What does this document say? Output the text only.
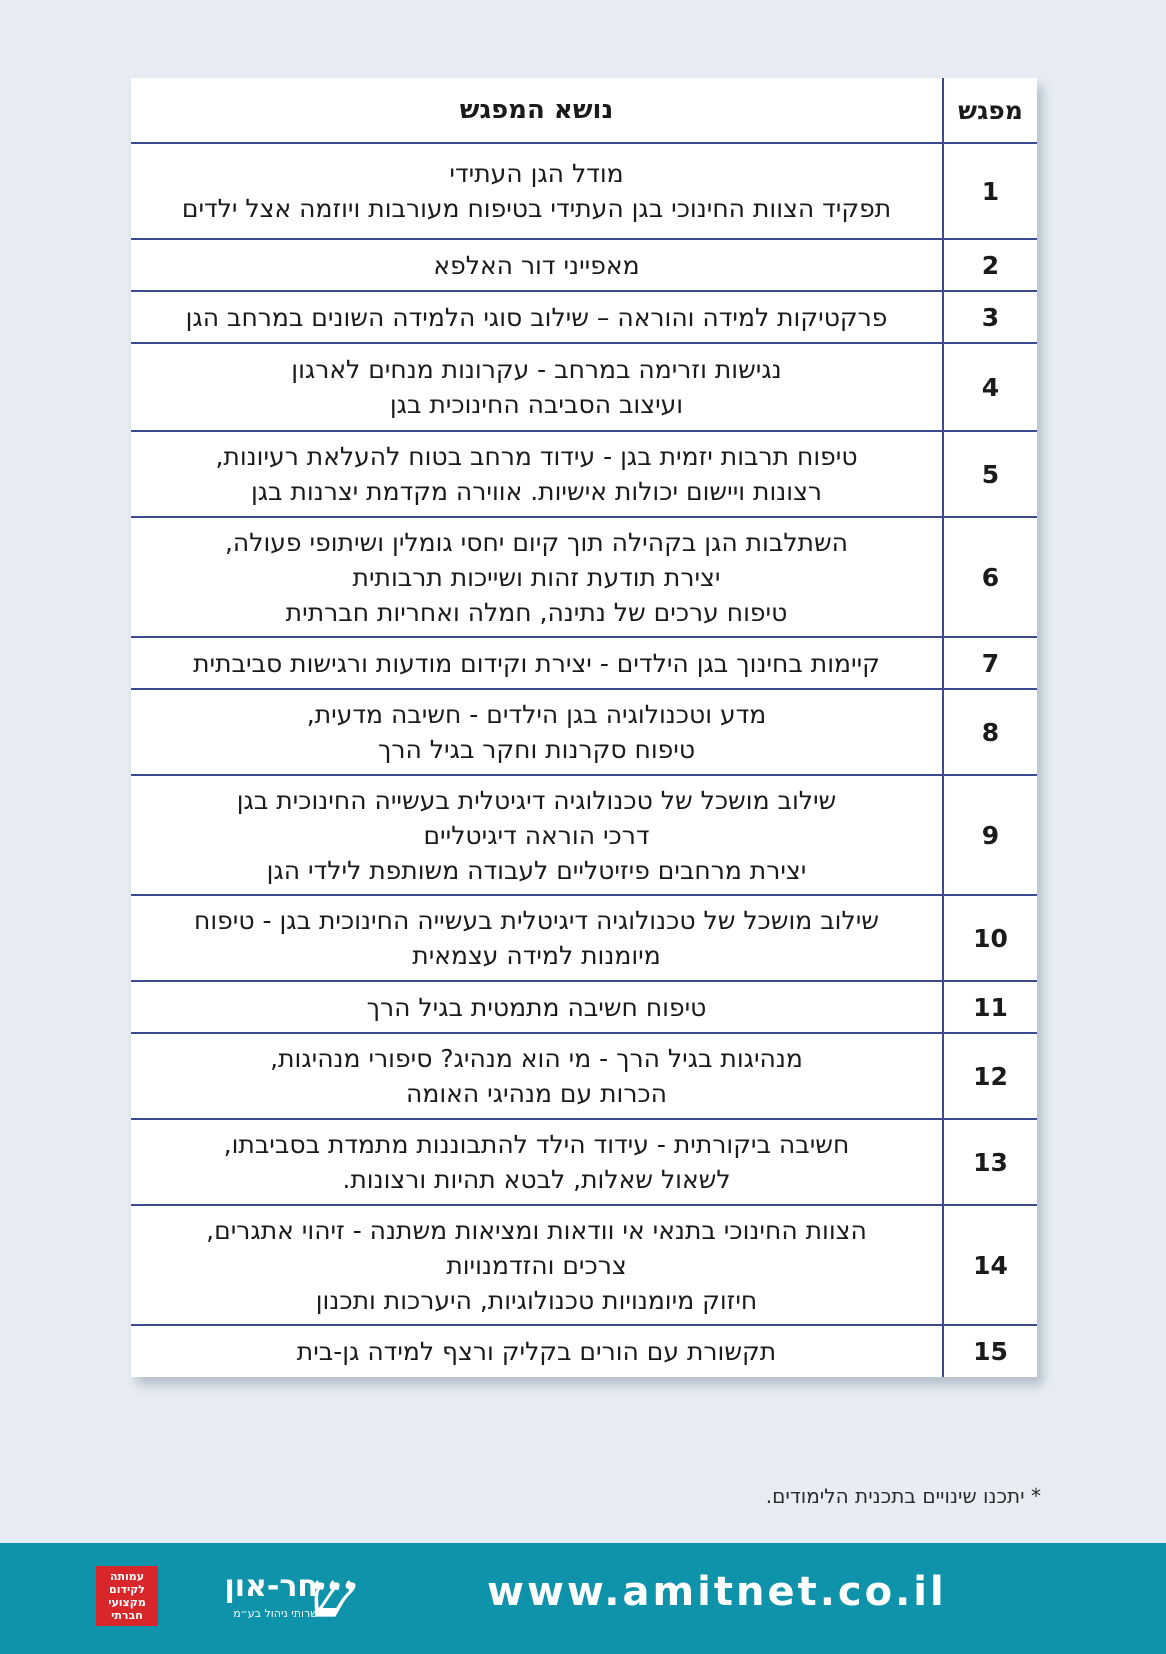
מפגש	נושא המפגש
1	מודל הגן העתידי
תפקיד הצוות החינוכי בגן העתידי בטיפוח מעורבות ויוזמה אצל ילדים

2	מאפייני דור האלפא

3	פרקטיקות למידה והוראה – שילוב סוגי הלמידה השונים במרחב הגן

4	נגישות וזרימה במרחב - עקרונות מנחים לארגון
ועיצוב הסביבה החינוכית בגן

5	טיפוח תרבות יזמית בגן - עידוד מרחב בטוח להעלאת רעיונות,
רצונות ויישום יכולות אישיות. אווירה מקדמת יצרנות בגן

6	השתלבות הגן בקהילה תוך קיום יחסי גומלין ושיתופי פעולה,
יצירת תודעת זהות ושייכות תרבותית
טיפוח ערכים של נתינה, חמלה ואחריות חברתית

7	קיימות בחינוך בגן הילדים - יצירת וקידום מודעות ורגישות סביבתית

8	מדע וטכנולוגיה בגן הילדים - חשיבה מדעית,
טיפוח סקרנות וחקר בגיל הרך

9	שילוב מושכל של טכנולוגיה דיגיטלית בעשייה החינוכית בגן
דרכי הוראה דיגיטליים
יצירת מרחבים פיזיטליים לעבודה משותפת לילדי הגן

10	שילוב מושכל של טכנולוגיה דיגיטלית בעשייה החינוכית בגן - טיפוח
מיומנות למידה עצמאית

11	טיפוח חשיבה מתמטית בגיל הרך

12	מנהיגות בגיל הרך - מי הוא מנהיג? סיפורי מנהיגות,
הכרות עם מנהיגי האומה

13	חשיבה ביקורתית - עידוד הילד להתבוננות מתמדת בסביבתו,
לשאול שאלות, לבטא תהיות ורצונות.

14	הצוות החינוכי בתנאי אי וודאות ומציאות משתנה - זיהוי אתגרים,
צרכים והזדמנויות
חיזוק מיומנויות טכנולוגיות, היערכות ותכנון

15	תקשורת עם הורים בקליק ורצף למידה גן-בית
* יתכנו שינויים בתכנית הלימודים.
www.amitnet.co.il
ש
חר-און
שרותי ניהול בע״מ
עמותה
לקידום
מקצועי
חברתי
